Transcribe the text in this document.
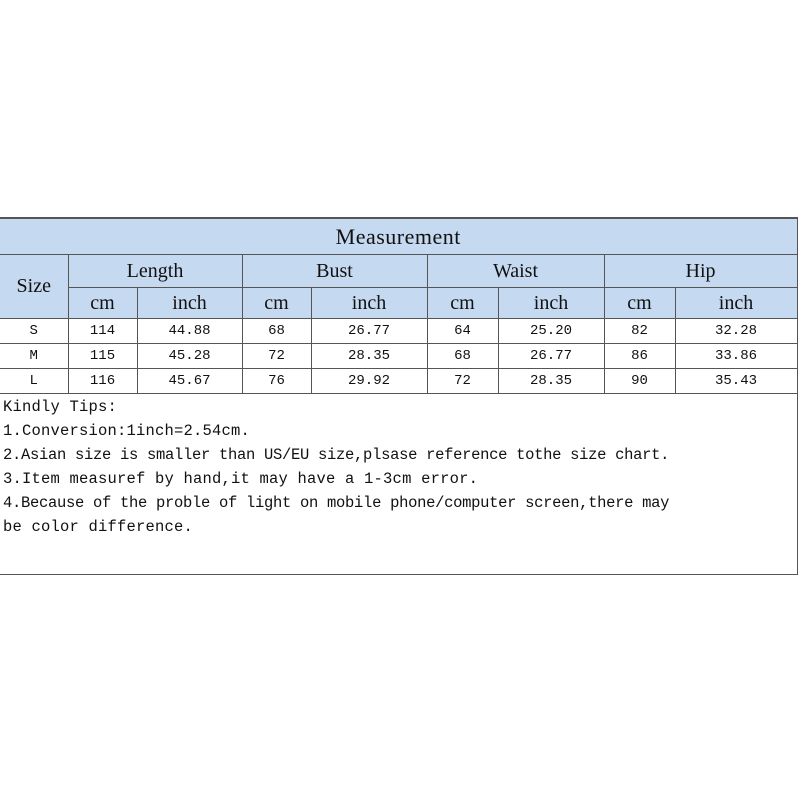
Measurement								
Size	Length		Bust		Waist		Hip	
	cm	inch	cm	inch	cm	inch	cm	inch
S	114	44.88	68	26.77	64	25.20	82	32.28
M	115	45.28	72	28.35	68	26.77	86	33.86
L	116	45.67	76	29.92	72	28.35	90	35.43
Kindly Tips:
1.Conversion:1inch=2.54cm.
2.Asian size is smaller than US/EU size,plsase reference tothe size chart.
3.Item measuref by hand,it may have a 1-3cm error.
4.Because of the proble of light on mobile phone/computer screen,there may
be color difference.
